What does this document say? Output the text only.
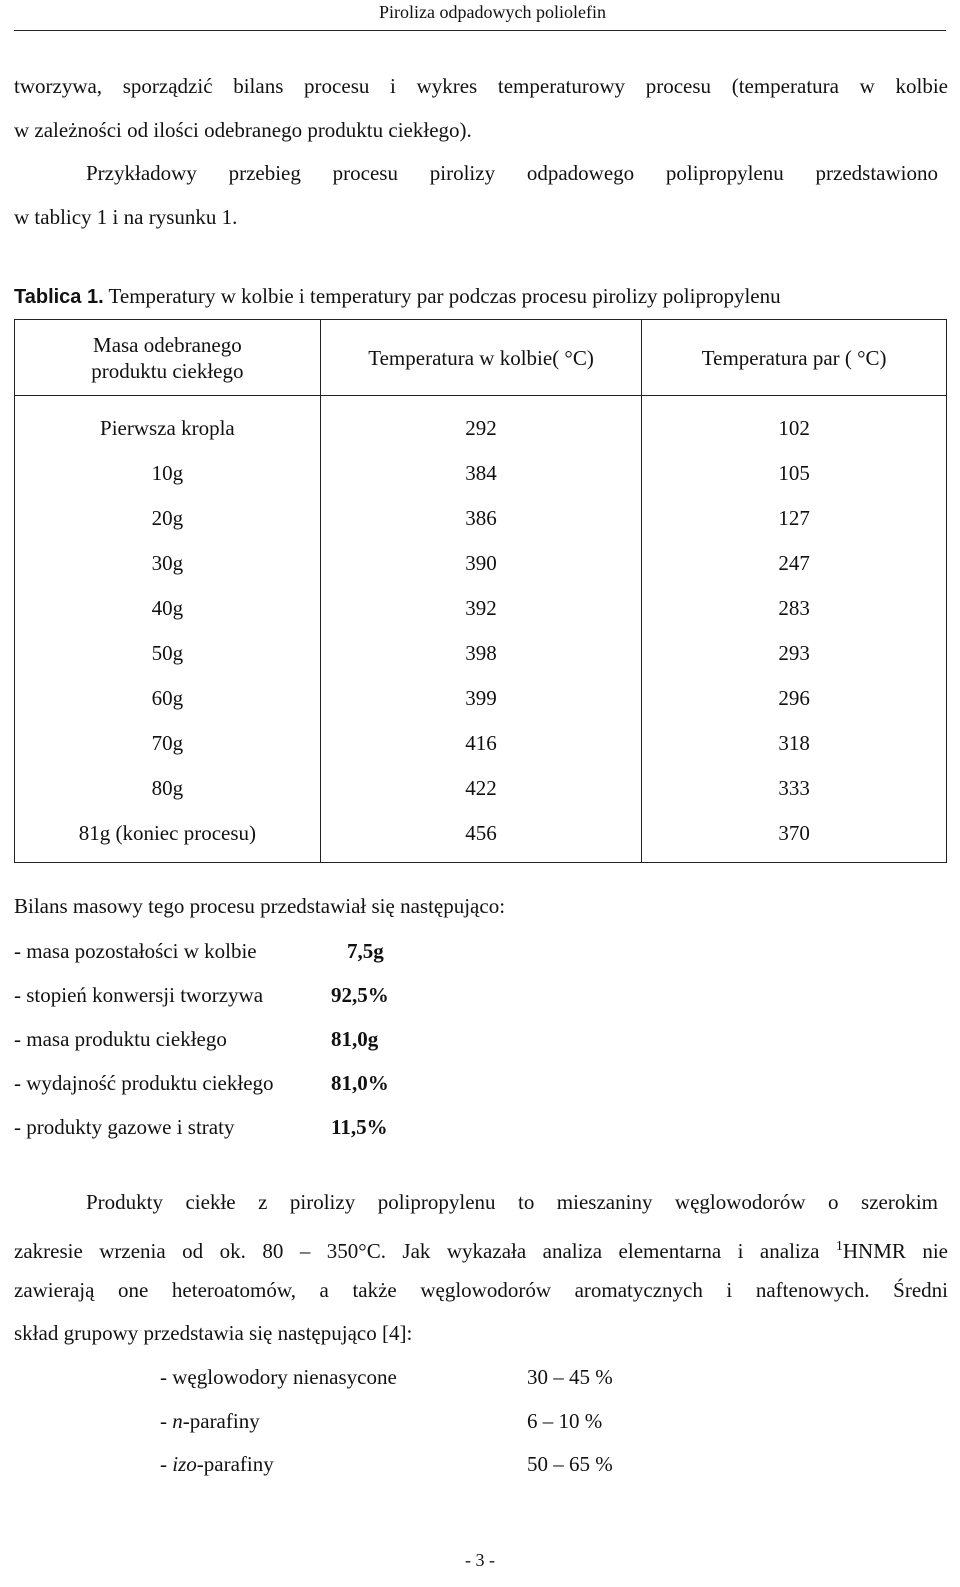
Piroliza odpadowych poliolefin
tworzywa, sporządzić bilans procesu i wykres temperaturowy procesu (temperatura w kolbie
w zależności od ilości odebranego produktu ciekłego).
Przykładowy przebieg procesu pirolizy odpadowego polipropylenu przedstawiono
w tablicy 1 i na rysunku 1.
Tablica 1. Temperatury w kolbie i temperatury par podczas procesu pirolizy polipropylenu
Masa odebranego produktu ciekłego	Temperatura w kolbie( °C)	Temperatura par ( °C)
Pierwsza kropla	292	102
10g	384	105
20g	386	127
30g	390	247
40g	392	283
50g	398	293
60g	399	296
70g	416	318
80g	422	333
81g (koniec procesu)	456	370
Bilans masowy tego procesu przedstawiał się następująco:
- masa pozostałości w kolbie	7,5g
- stopień konwersji tworzywa	92,5%
- masa produktu ciekłego	81,0g
- wydajność produktu ciekłego	81,0%
- produkty gazowe i straty	11,5%
Produkty ciekłe z pirolizy polipropylenu to mieszaniny węglowodorów o szerokim
zakresie wrzenia od ok. 80 – 350°C. Jak wykazała analiza elementarna i analiza $^1$HNMR nie
zawierają one heteroatomów, a także węglowodorów aromatycznych i naftenowych. Średni
skład grupowy przedstawia się następująco [4]:
- węglowodory nienasycone	30 – 45 %
- n-parafiny	6 – 10 %
- izo-parafiny	50 – 65 %
- 3 -
